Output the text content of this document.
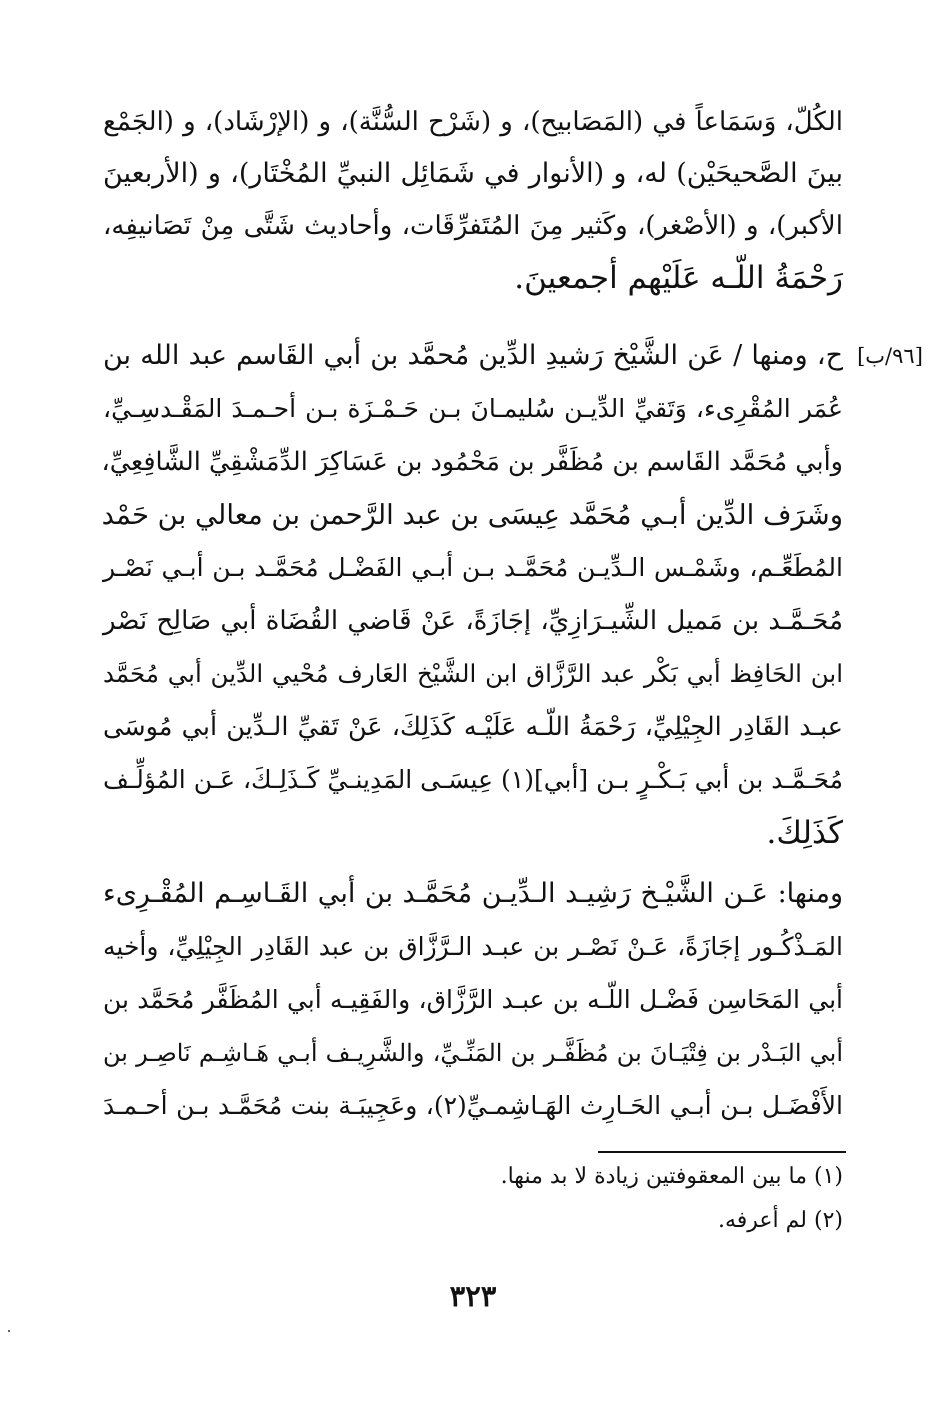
الكُلّ، وَسَمَاعاً في (المَصَابيح)، و (شَرْح السُّنَّة)، و (الإرْشَاد)، و (الجَمْع
بينَ الصَّحيحَيْن) له، و (الأنوار في شَمَائِل النبيِّ المُخْتَار)، و (الأربعينَ
الأكبر)، و (الأصْغر)، وكَثير مِنَ المُتَفرِّقَات، وأحاديث شَتَّى مِنْ تَصَانيفِه،
رَحْمَةُ اللّـه عَلَيْهم أجمعينَ.
[٩٦/ب]
ح، ومنها / عَن الشَّيْخ رَشيدِ الدِّين مُحمَّد بن أبي القَاسم عبد الله بن
عُمَر المُقْرِىء، وَتَقيِّ الدِّيـن سُليمـانَ بـن حَـمْـزَة بـن أحـمـدَ المَقْـدسِـيِّ،
وأبي مُحَمَّد القَاسم بن مُظَفَّر بن مَحْمُود بن عَسَاكِرَ الدِّمَشْقِيِّ الشَّافِعِيِّ،
وشَرَف الدِّين أبـي مُحَمَّد عِيسَى بن عبد الرَّحمن بن معالي بن حَمْد
المُطَعِّـم، وشَمْـس الـدِّيـن مُحَمَّـد بـن أبـي الفَضْـل مُحَمَّـد بـن أبـي نَصْـر
مُحَـمَّـد بن مَميل الشِّيـرَازِيِّ، إجَازَةً، عَنْ قَاضي القُضَاة أبي صَالِح نَصْر
ابن الحَافِظ أبي بَكْر عبد الرَّزَّاق ابن الشَّيْخ العَارف مُحْيي الدِّين أبي مُحَمَّد
عبـد القَادِر الجِيْلِيِّ، رَحْمَةُ اللّـه عَلَيْـه كَذَلِكَ، عَنْ تَقيِّ الـدِّين أبي مُوسَى
مُحَـمَّـد بن أبي بَـكْـرٍ بـن [أبي](١) عِيسَـى المَدِينـيِّ كَـذَلِـكَ، عَـن المُؤلِّـف
كَذَلِكَ.
ومنها: عَـن الشَّيْـخ رَشِيـد الـدِّيـن مُحَمَّـد بن أبي القَـاسِـم المُقْـرِىء
المَـذْكُـور إجَازَةً، عَـنْ نَصْـر بن عبـد الـرَّزَّاق بن عبد القَادِر الجِيْلِيِّ، وأخيه
أبي المَحَاسِن فَضْـل اللّـه بن عبـد الرَّزَّاق، والفَقِيـه أبي المُظَفَّر مُحَمَّد بن
أبي البَـدْر بن فِتْيَـانَ بن مُظَفَّـر بن المَنِّـيِّ، والشَّرِيـف أبـي هَـاشِـم نَاصِـر بن
الأَفْضَـل بـن أبـي الحَـارِث الهَـاشِمـيِّ(٢)، وعَجِيبَـة بنت مُحَمَّـد بـن أحـمـدَ
(١) ما بين المعقوفتين زيادة لا بد منها.
(٢) لم أعرفه.
٣٢٣
